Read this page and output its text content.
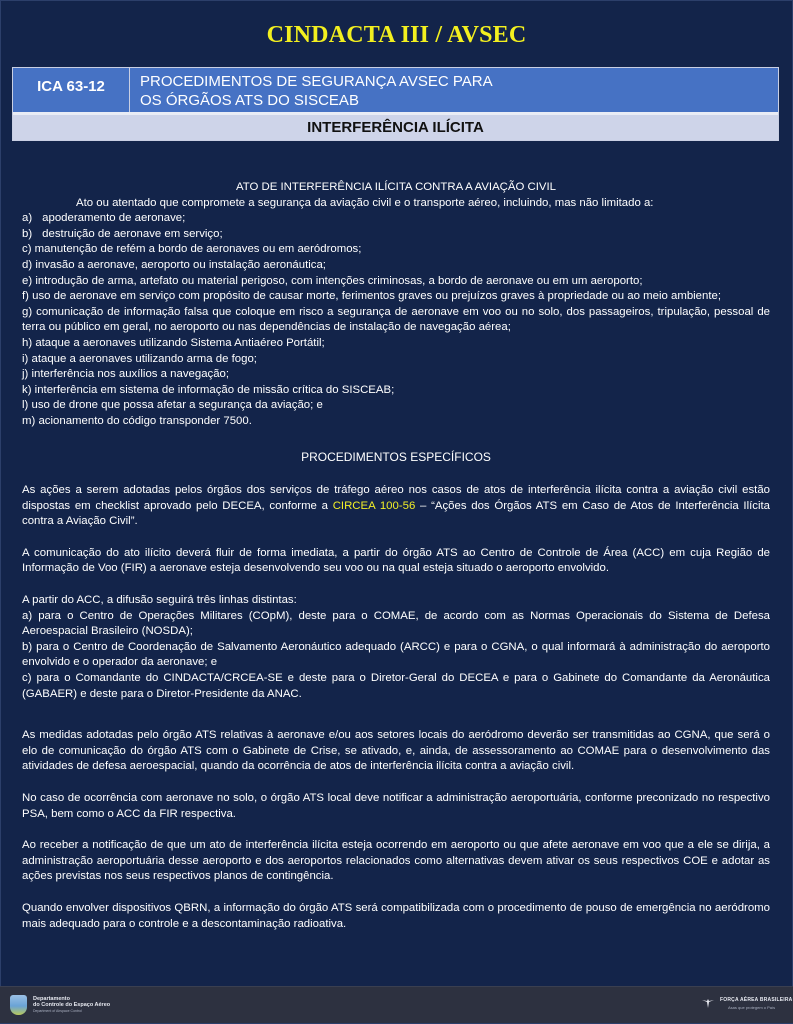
CINDACTA III / AVSEC
ICA 63-12	PROCEDIMENTOS DE SEGURANÇA AVSEC PARA
OS ÓRGÃOS ATS DO SISCEAB
INTERFERÊNCIA ILÍCITA
ATO DE INTERFERÊNCIA ILÍCITA CONTRA A AVIAÇÃO CIVIL
Ato ou atentado que compromete a segurança da aviação civil e o transporte aéreo, incluindo, mas não limitado a:
a) apoderamento de aeronave;
b) destruição de aeronave em serviço;
c) manutenção de refém a bordo de aeronaves ou em aeródromos;
d) invasão a aeronave, aeroporto ou instalação aeronáutica;
e) introdução de arma, artefato ou material perigoso, com intenções criminosas, a bordo de aeronave ou em um aeroporto;
f) uso de aeronave em serviço com propósito de causar morte, ferimentos graves ou prejuízos graves à propriedade ou ao meio ambiente;
g) comunicação de informação falsa que coloque em risco a segurança de aeronave em voo ou no solo, dos passageiros, tripulação, pessoal de terra ou público em geral, no aeroporto ou nas dependências de instalação de navegação aérea;
h) ataque a aeronaves utilizando Sistema Antiaéreo Portátil;
i) ataque a aeronaves utilizando arma de fogo;
j) interferência nos auxílios a navegação;
k) interferência em sistema de informação de missão crítica do SISCEAB;
l) uso de drone que possa afetar a segurança da aviação; e
m) acionamento do código transponder 7500.
PROCEDIMENTOS ESPECÍFICOS
As ações a serem adotadas pelos órgãos dos serviços de tráfego aéreo nos casos de atos de interferência ilícita contra a aviação civil estão dispostas em checklist aprovado pelo DECEA, conforme a CIRCEA 100-56 – “Ações dos Órgãos ATS em Caso de Atos de Interferência Ilícita contra a Aviação Civil”.
A comunicação do ato ilícito deverá fluir de forma imediata, a partir do órgão ATS ao Centro de Controle de Área (ACC) em cuja Região de Informação de Voo (FIR) a aeronave esteja desenvolvendo seu voo ou na qual esteja situado o aeroporto envolvido.
A partir do ACC, a difusão seguirá três linhas distintas:
a) para o Centro de Operações Militares (COpM), deste para o COMAE, de acordo com as Normas Operacionais do Sistema de Defesa Aeroespacial Brasileiro (NOSDA);
b) para o Centro de Coordenação de Salvamento Aeronáutico adequado (ARCC) e para o CGNA, o qual informará à administração do aeroporto envolvido e o operador da aeronave; e
c) para o Comandante do CINDACTA/CRCEA-SE e deste para o Diretor-Geral do DECEA e para o Gabinete do Comandante da Aeronáutica (GABAER) e deste para o Diretor-Presidente da ANAC.
As medidas adotadas pelo órgão ATS relativas à aeronave e/ou aos setores locais do aeródromo deverão ser transmitidas ao CGNA, que será o elo de comunicação do órgão ATS com o Gabinete de Crise, se ativado, e, ainda, de assessoramento ao COMAE para o desenvolvimento das atividades de defesa aeroespacial, quando da ocorrência de atos de interferência ilícita contra a aviação civil.
No caso de ocorrência com aeronave no solo, o órgão ATS local deve notificar a administração aeroportuária, conforme preconizado no respectivo PSA, bem como o ACC da FIR respectiva.
Ao receber a notificação de que um ato de interferência ilícita esteja ocorrendo em aeroporto ou que afete aeronave em voo que a ele se dirija, a administração aeroportuária desse aeroporto e dos aeroportos relacionados como alternativas devem ativar os seus respectivos COE e adotar as ações previstas nos seus respectivos planos de contingência.
Quando envolver dispositivos QBRN, a informação do órgão ATS será compatibilizada com o procedimento de pouso de emergência no aeródromo mais adequado para o controle e a descontaminação radioativa.
Departamento
do Controle do Espaço Aéreo
Department of Airspace Control
FORÇA AÉREA BRASILEIRA
Asas que protegem o País
